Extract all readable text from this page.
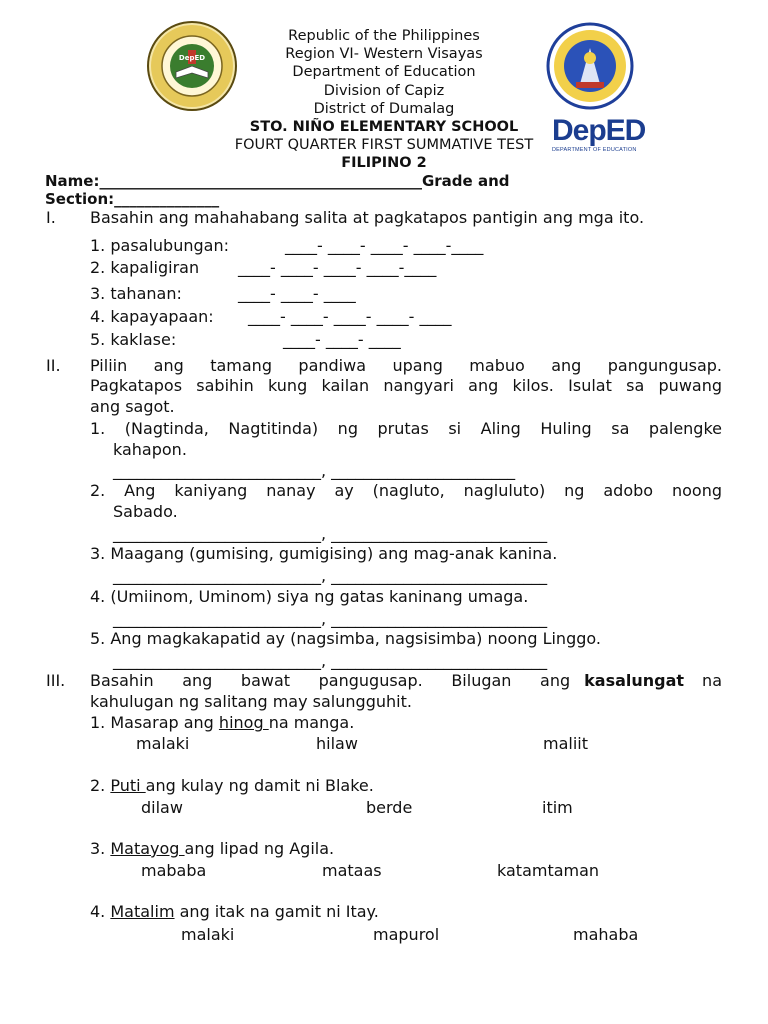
DepED
DepED
DEPARTMENT OF EDUCATION
Republic of the Philippines
Region VI- Western Visayas
Department of Education
Division of Capiz
District of Dumalag
STO. NIÑO ELEMENTARY SCHOOL
FOURT QUARTER FIRST SUMMATIVE TEST
FILIPINO 2
Name:___________________________________________Grade and
Section:______________
I. Basahin ang mahahabang salita at pagkatapos pantigin ang mga ito.
1. pasalubungan:	____- ____- ____- ____-____
2. kapaligiran ____- ____- ____- ____-____
3. tahanan:	____- ____- ____
4. kapayapaan: ____- ____- ____- ____- ____
5. kaklase:	____- ____- ____
II. Piliin ang tamang pandiwa upang mabuo ang pangungusap.
Pagkatapos sabihin kung kailan nangyari ang kilos. Isulat sa puwang
ang sagot.
1. (Nagtinda, Nagtitinda) ng prutas si Aling Huling sa palengke
kahapon.
__________________________, _______________________
2. Ang kaniyang nanay ay (nagluto, nagluluto) ng adobo noong
Sabado.
__________________________, ___________________________
3. Maagang (gumising, gumigising) ang mag-anak kanina.
__________________________, ___________________________
4. (Umiinom, Uminom) siya ng gatas kaninang umaga.
__________________________, ___________________________
5. Ang magkakapatid ay (nagsimba, nagsisimba) noong Linggo.
__________________________, ___________________________
III. Basahin ang bawat pangugusap. Bilugan ang kasalungat	na
kahulugan ng salitang may salungguhit.
1. Masarap ang hinog na manga.
malaki	hilaw	maliit
2. Puti ang kulay ng damit ni Blake.
dilaw	berde	itim
3. Matayog ang lipad ng Agila.
mababa	mataas	katamtaman
4. Matalim ang itak na gamit ni Itay.
malaki	mapurol	mahaba
